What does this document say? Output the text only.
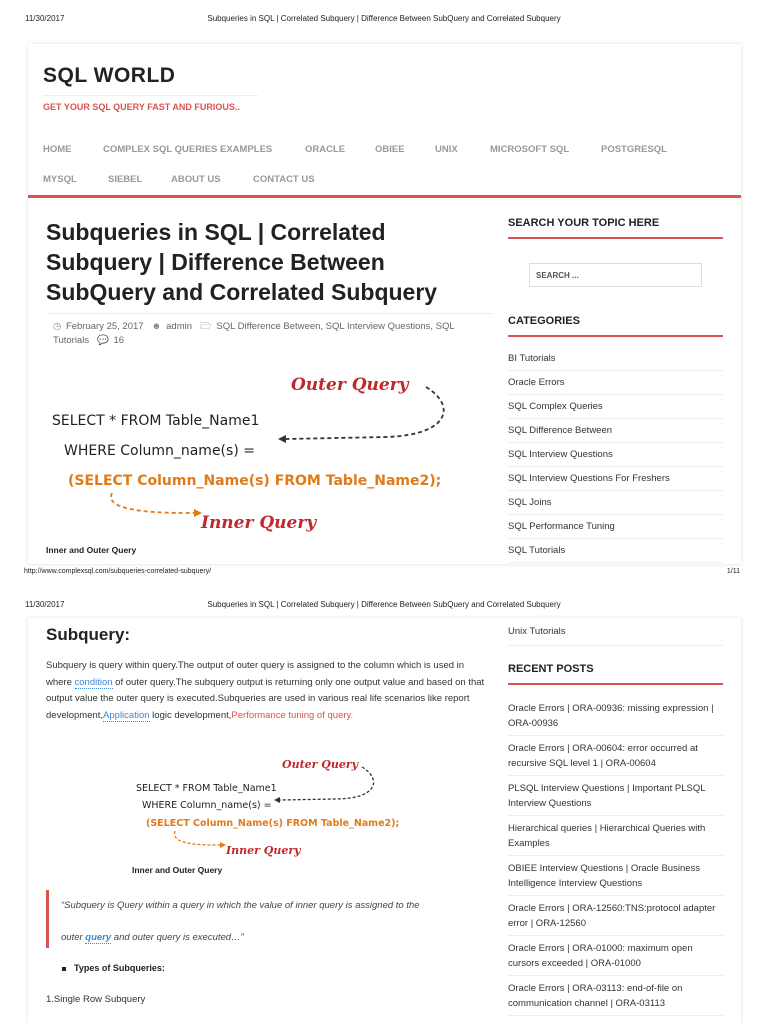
11/30/2017	Subqueries in SQL | Correlated Subquery | Difference Between SubQuery and Correlated Subquery
SQL WORLD
GET YOUR SQL QUERY FAST AND FURIOUS..
HOME	COMPLEX SQL QUERIES EXAMPLES	ORACLE	OBIEE	UNIX	MICROSOFT SQL	POSTGRESQL
MYSQL	SIEBEL	ABOUT US	CONTACT US
Subqueries in SQL | Correlated Subquery | Difference Between SubQuery and Correlated Subquery
◷ February 25, 2017 ☻ admin 🗁 SQL Difference Between, SQL Interview Questions, SQL Tutorials 💬 16
Outer Query
SELECT * FROM Table_Name1
WHERE Column_name(s) =
(SELECT Column_Name(s) FROM Table_Name2);
Inner Query
Inner and Outer Query
SEARCH YOUR TOPIC HERE
SEARCH ...
CATEGORIES
BI Tutorials
Oracle Errors
SQL Complex Queries
SQL Difference Between
SQL Interview Questions
SQL Interview Questions For Freshers
SQL Joins
SQL Performance Tuning
SQL Tutorials
http://www.complexsql.com/subqueries-correlated-subquery/	1/11
11/30/2017	Subqueries in SQL | Correlated Subquery | Difference Between SubQuery and Correlated Subquery
Subquery:

Subquery is query within query.The output of outer query is assigned to the column which is used in where condition of outer query.The subquery output is returning only one output value and based on that output value the outer query is executed.Subqueries are used in various real life scenarios like report development,Application logic development,Performance tuning of query.

Outer Query
SELECT * FROM Table_Name1
WHERE Column_name(s) =
(SELECT Column_Name(s) FROM Table_Name2);
Inner Query
Inner and Outer Query
“Subquery is Query within a query in which the value of inner query is assigned to the
outer query and outer query is executed…”
Types of Subqueries:
1.Single Row Subquery
Unix Tutorials
RECENT POSTS
Oracle Errors | ORA-00936: missing expression | ORA-00936
Oracle Errors | ORA-00604: error occurred at recursive SQL level 1 | ORA-00604
PLSQL Interview Questions | Important PLSQL Interview Questions
Hierarchical queries | Hierarchical Queries with Examples
OBIEE Interview Questions | Oracle Business Intelligence Interview Questions
Oracle Errors | ORA-12560:TNS:protocol adapter error | ORA-12560
Oracle Errors | ORA-01000: maximum open cursors exceeded | ORA-01000
Oracle Errors | ORA-03113: end-of-file on communication channel | ORA-03113
